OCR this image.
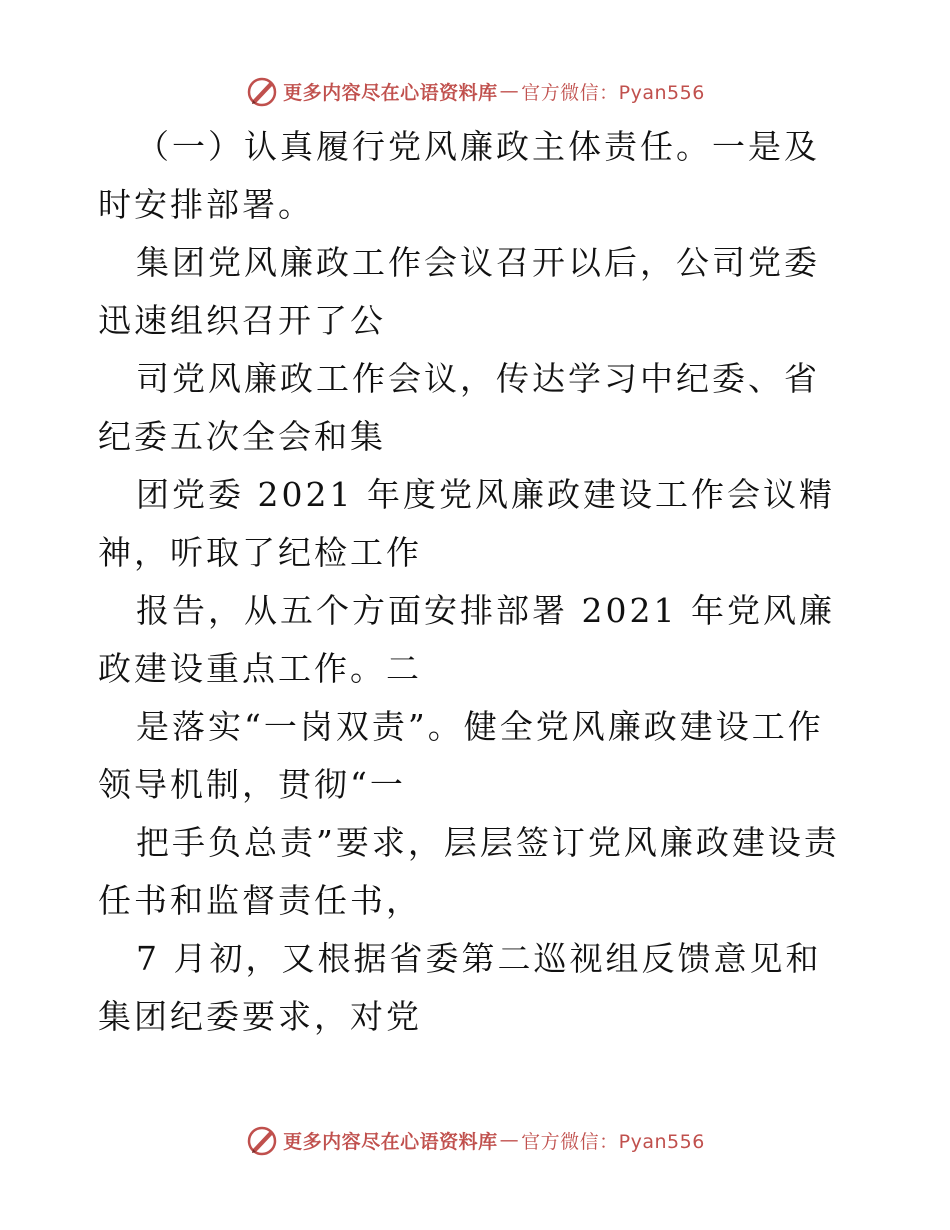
更多内容尽在心语资料库 — 官方微信：Pyan556

（一）认真履行党风廉政主体责任。一是及时安排部署。

集团党风廉政工作会议召开以后，公司党委迅速组织召开了公

司党风廉政工作会议，传达学习中纪委、省纪委五次全会和集

团党委 2021 年度党风廉政建设工作会议精神，听取了纪检工作

报告，从五个方面安排部署 2021 年党风廉政建设重点工作。二

是落实“一岗双责”。健全党风廉政建设工作领导机制，贯彻“一

把手负总责”要求，层层签订党风廉政建设责任书和监督责任书，

7 月初，又根据省委第二巡视组反馈意见和集团纪委要求，对党

更多内容尽在心语资料库 — 官方微信：Pyan556
